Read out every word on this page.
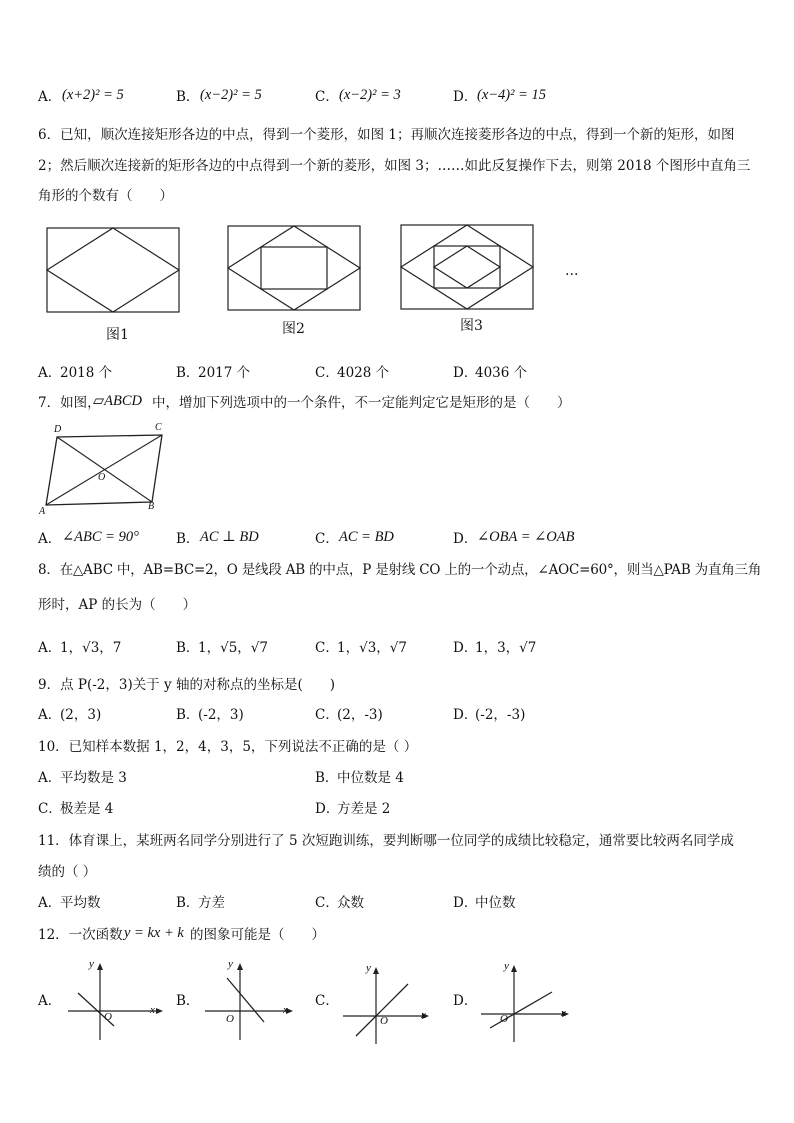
A． (x+2)² = 5	B． (x−2)² = 5	C． (x−2)² = 3	D． (x−4)² = 15
6．已知，顺次连接矩形各边的中点，得到一个菱形，如图 1；再顺次连接菱形各边的中点，得到一个新的矩形，如图
2；然后顺次连接新的矩形各边的中点得到一个新的菱形，如图 3；……如此反复操作下去，则第 2018 个图形中直角三
角形的个数有（　　）
图1	图2	图3
…
A．
2018 个	B．
2017 个	C．
4028 个	D．
4036 个
7．如图，
▱ABCD 中，增加下列选项中的一个条件，不一定能判定它是矩形的是（　　）
D	C
A	B
O
A． ∠ABC = 90°	B． AC ⊥ BD	C． AC = BD	D． ∠OBA = ∠OAB
8．在△ABC 中，AB=BC=2，O 是线段 AB 的中点，P 是射线 CO 上的一个动点，∠AOC=60°，则当△PAB 为直角三角
形时，AP 的长为（　　）
A．
1，√3，7	B．
1，√5，√7	C．
1，√3，√7	D．
1，3，√7
9．点 P(-2，3)关于 y 轴的对称点的坐标是(　　)
A．
(2，3)	B．
(-2，3)	C．
(2，-3)	D．
(-2，-3)
10．已知样本数据 1，2，4，3，5，下列说法不正确的是（ ）
A．
平均数是 3	B．
中位数是 4
C．
极差是 4	D．
方差是 2
11．体育课上，某班两名同学分别进行了 5 次短跑训练，要判断哪一位同学的成绩比较稳定，通常要比较两名同学成
绩的（ ）
A．
平均数	B．
方差	C．
众数	D．
中位数
12．一次函数 y = kx + k 的图象可能是（　　）
A．	B．	C．	D．
y
x
O
y
x
O
y
x
O
y
x
O
